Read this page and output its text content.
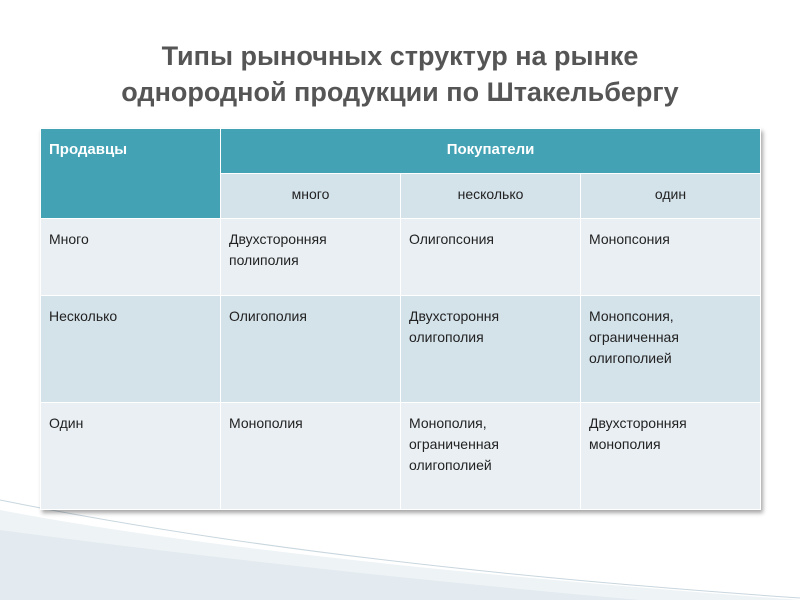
Типы рыночных структур на рынке
однородной продукции по Штакельбергу
Продавцы	Покупатели		
	много	несколько	один
Много	Двухсторонняя полиполия	Олигопсония	Монопсония
Несколько	Олигополия	Двухстороння олигополия	Монопсония, ограниченная олигополией
Один	Монополия	Монополия, ограниченная олигополией	Двухсторонняя монополия
